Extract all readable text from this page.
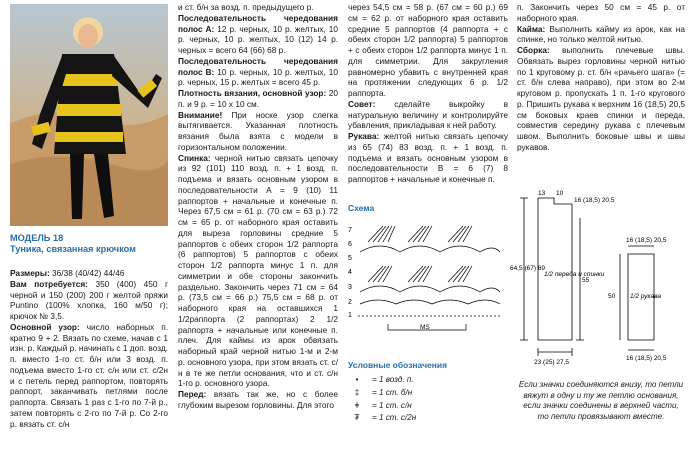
МОДЕЛЬ 18
Туника, связанная крючком

Размеры: 36/38 (40/42) 44/46

Вам потребуется: 350 (400) 450 г черной и 150 (200) 200 г желтой пряжи Puntino (100% хлопка, 160 м/50 г); крючок № 3,5.

Основной узор: число наборных п. кратно 9 + 2. Вязать по схеме, начав с 1 изн. р. Каждый р. начинать с 1 доп. возд. п. вместо 1-го ст. б/н или 3 возд. п. подъема вместо 1-го ст. с/н или ст. с/2н и с петель перед раппортом, повторять раппорт, заканчивать петлями после раппорта. Связать 1 раз с 1-го по 7-й р., затем повторять с 2-го по 7-й р. Со 2-го р. вязать ст. с/н

и ст. б/н за возд. п. предыдущего р.

Последовательность чередования полос A: 12 р. черных, 10 р. желтых, 10 р. черных, 10 р. желтых, 10 (12) 14 р. черных = всего 64 (66) 68 р.

Последовательность чередования полос B: 10 р. черных, 10 р. желтых, 10 р. черных, 15 р. желтых = всего 45 р.

Плотность вязания, основной узор: 20 п. и 9 р. = 10 х 10 см.

Внимание! При носке узор слегка вытягивается. Указанная плотность вязания была взята с модели в горизонтальном положении.

Спинка: черной нитью связать цепочку из 92 (101) 110 возд. п. + 1 возд. п. подъема и вязать основным узором в последовательности А = 9 (10) 11 раппортов + начальные и конечные п. Через 67,5 см = 61 р. (70 см = 63 р.) 72 см = 65 р. от наборного края оставить для выреза горловины средние 5 раппортов с обеих сторон 1/2 раппорта (6 раппортов) 5 раппортов с обеих сторон 1/2 раппорта минус 1 п. для симметрии и обе стороны закончить раздельно. Закончить через 71 см = 64 р. (73,5 см = 66 р.) 75,5 см = 68 р. от наборного края на оставшихся 1 1/2раппорта (2 раппортах) 2 1/2 раппорта + начальные или конечные п. плеч. Для каймы из арок обвязать наборный край черной нитью 1-м и 2-м р. основного узора, при этом вязать ст. с/н в те же петли основания, что и ст. с/н 1-го р. основного узора.

Перед: вязать так же, но с более глубоким вырезом горловины. Для этого

через 54,5 см = 58 р. (67 см = 60 р.) 69 см = 62 р. от наборного края оставить средние 5 раппортов (4 раппорта + с обеих сторон 1/2 раппорта) 5 раппортов + с обеих сторон 1/2 раппорта минус 1 п. для симметрии. Для закругления равномерно убавить с внутренней края на протяжении следующих 6 р. 1/2 раппорта.

Совет: сделайте выкройку в натуральную величину и контролируйте убавления, прикладывая к ней работу.

Рукава: желтой нитью связать цепочку из 65 (74) 83 возд. п. + 1 возд. п. подъема и вязать основным узором в последовательности B = 6 (7) 8 раппортов + начальные и конечные п.

Схема
7
6
5
4
3
2
1
MS
Условные обозначения
•	= 1 возд. п.
‡	= 1 ст. б/н
ǂ	= 1 ст. с/н
₮	= 1 ст. с/2н

п. Закончить через 50 см = 45 р. от наборного края.

Кайма: Выполнить кайму из арок, как на спинке, но только желтой нитью.

Сборка: выполнить плечевые швы. Обвязать вырез горловины черной нитью по 1 круговому р. ст. б/н «рачьего шага» (= ст. б/н слева направо), при этом во 2-м круговом р. пропускать 1 п. 1-го кругового р. Пришить рукава к верхним 16 (18,5) 20,5 см боковых краев спинки и переда, совместив середину рукава с плечевым швом. Выполнить боковые швы и швы рукавов.

13 10
16 (18,5) 20,5
64,5 (67) 69
55
23 (25) 27,5
16 (18,5) 20,5
50
16 (18,5) 20,5
1/2 переда и спинки
1/2 рукава
Если значки соединяются внизу, то петли вяжут в одну и ту же петлю основания, если значки соединены в верхней части, то петли провязывают вместе.
